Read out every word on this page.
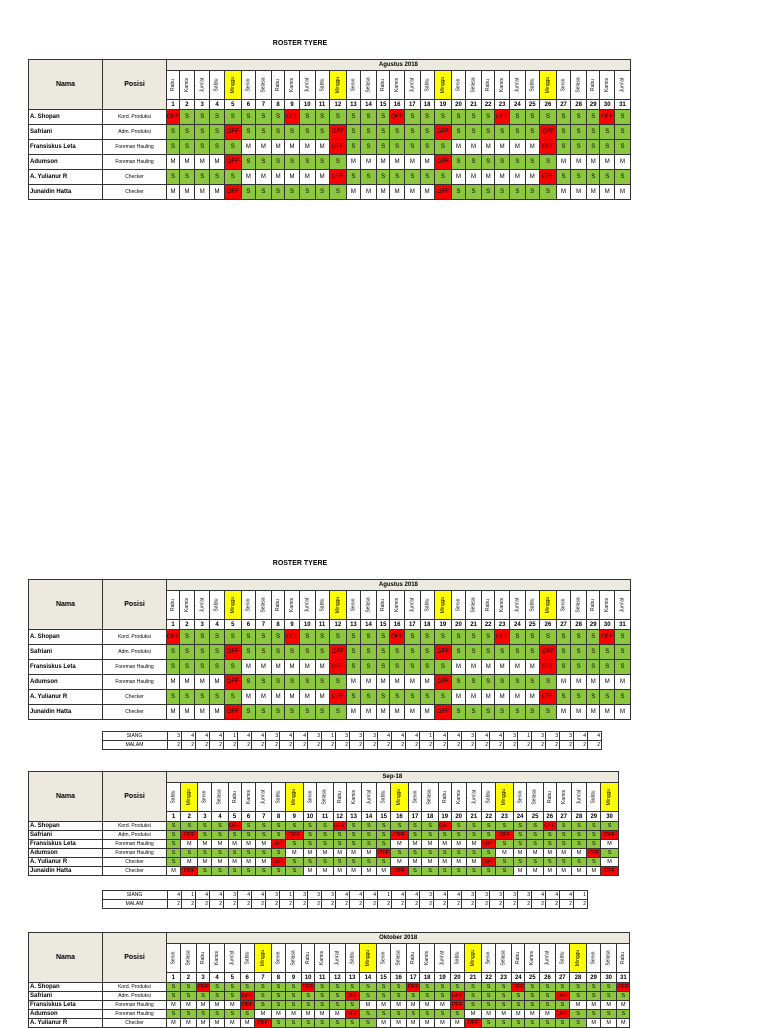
ROSTER TYERE
Nama	Posisi	Agustus 2018																														
		Rabu	Kamis	Jum'at	Sabtu	Minggu	Senin	Selasa	Rabu	Kamis	Jum'at	Sabtu	Minggu	Senin	Selasa	Rabu	Kamis	Jum'at	Sabtu	Minggu	Senin	Selasa	Rabu	Kamis	Jum'at	Sabtu	Minggu	Senin	Selasa	Rabu	Kamis	Jum'at
		1	2	3	4	5	6	7	8	9	10	11	12	13	14	15	16	17	18	19	20	21	22	23	24	25	26	27	28	29	30	31
A. Shopan	Kord. Produksi	OFF	S	S	S	S	S	S	S	OFF	S	S	S	S	S	S	OFF	S	S	S	S	S	S	OFF	S	S	S	S	S	S	OFF	S
Safriani	Adm. Produksi	S	S	S	S	OFF	S	S	S	S	S	S	OFF	S	S	S	S	S	S	OFF	S	S	S	S	S	S	OFF	S	S	S	S	S
Fransiskus Leta	Foreman Hauling	S	S	S	S	S	M	M	M	M	M	M	OFF	S	S	S	S	S	S	S	M	M	M	M	M	M	OFF	S	S	S	S	S
Adumson	Foreman Hauling	M	M	M	M	OFF	S	S	S	S	S	S	S	M	M	M	M	M	M	OFF	S	S	S	S	S	S	S	M	M	M	M	M
A. Yulianur R	Checker	S	S	S	S	S	M	M	M	M	M	M	OFF	S	S	S	S	S	S	S	M	M	M	M	M	M	OFF	S	S	S	S	S
Junaidin Hatta	Checker	M	M	M	M	OFF	S	S	S	S	S	S	S	M	M	M	M	M	M	OFF	S	S	S	S	S	S	S	M	M	M	M	M
ROSTER TYERE
Nama	Posisi	Agustus 2018																														
		Rabu	Kamis	Jum'at	Sabtu	Minggu	Senin	Selasa	Rabu	Kamis	Jum'at	Sabtu	Minggu	Senin	Selasa	Rabu	Kamis	Jum'at	Sabtu	Minggu	Senin	Selasa	Rabu	Kamis	Jum'at	Sabtu	Minggu	Senin	Selasa	Rabu	Kamis	Jum'at
		1	2	3	4	5	6	7	8	9	10	11	12	13	14	15	16	17	18	19	20	21	22	23	24	25	26	27	28	29	30	31
A. Shopan	Kord. Produksi	OFF	S	S	S	S	S	S	S	OFF	S	S	S	S	S	S	OFF	S	S	S	S	S	S	OFF	S	S	S	S	S	S	OFF	S
Safriani	Adm. Produksi	S	S	S	S	OFF	S	S	S	S	S	S	OFF	S	S	S	S	S	S	OFF	S	S	S	S	S	S	OFF	S	S	S	S	S
Fransiskus Leta	Foreman Hauling	S	S	S	S	S	M	M	M	M	M	M	OFF	S	S	S	S	S	S	S	M	M	M	M	M	M	OFF	S	S	S	S	S
Adumson	Foreman Hauling	M	M	M	M	OFF	S	S	S	S	S	S	S	M	M	M	M	M	M	OFF	S	S	S	S	S	S	S	M	M	M	M	M
A. Yulianur R	Checker	S	S	S	S	S	M	M	M	M	M	M	OFF	S	S	S	S	S	S	S	M	M	M	M	M	M	OFF	S	S	S	S	S
Junaidin Hatta	Checker	M	M	M	M	OFF	S	S	S	S	S	S	S	M	M	M	M	M	M	OFF	S	S	S	S	S	S	S	M	M	M	M	M
SIANG	3	4	4	4	1	4	4	3	4	4	3	1	3	3	3	4	4	4	1	4	4	3	4	4	3	1	3	3	3	4	4
MALAM	2	2	2	2	2	2	2	2	2	2	2	2	2	2	2	2	2	2	2	2	2	2	2	2	2	2	2	2	2	2	2
Nama	Posisi	Sep-18																													
		Sabtu	Minggu	Senin	Selasa	Rabu	Kamis	Jum'at	Sabtu	Minggu	Senin	Selasa	Rabu	Kamis	Jum'at	Sabtu	Minggu	Senin	Selasa	Rabu	Kamis	Jum'at	Sabtu	Minggu	Senin	Selasa	Rabu	Kamis	Jum'at	Sabtu	Minggu
		1	2	3	4	5	6	7	8	9	10	11	12	13	14	15	16	17	18	19	20	21	22	23	24	25	26	27	28	29	30
A. Shopan	Kord. Produksi	S	S	S	S	OFF	S	S	S	S	S	S	OFF	S	S	S	S	S	S	OFF	S	S	S	S	S	S	OFF	S	S	S	S
Safriani	Adm. Produksi	S	OFF	S	S	S	S	S	S	OFF	S	S	S	S	S	S	OFF	S	S	S	S	S	S	OFF	S	S	S	S	S	S	OFF
Fransiskus Leta	Foreman Hauling	S	M	M	M	M	M	M	OFF	S	S	S	S	S	S	S	M	M	M	M	M	M	OFF	S	S	S	S	S	S	S	M
Adumson	Foreman Hauling	S	S	S	S	S	S	S	S	M	M	M	M	M	M	OFF	S	S	S	S	S	S	S	M	M	M	M	M	M	OFF	S
A. Yulianur R	Checker	S	M	M	M	M	M	M	OFF	S	S	S	S	S	S	S	M	M	M	M	M	M	OFF	S	S	S	S	S	S	S	M
Junaidin Hatta	Checker	M	OFF	S	S	S	S	S	S	S	M	M	M	M	M	M	OFF	S	S	S	S	S	S	S	M	M	M	M	M	M	OFF
SIANG	4	1	4	4	3	4	4	3	1	3	3	3	4	4	4	1	4	4	3	4	4	3	3	3	3	3	4	4	4	1
MALAM	2	2	2	2	2	2	2	2	2	2	2	2	2	2	2	2	2	2	2	2	2	2	2	2	2	2	2	2	2	2
Nama	Posisi	Oktober 2018																														
		Senin	Selasa	Rabu	Kamis	Jum'at	Sabtu	Minggu	Senin	Selasa	Rabu	Kamis	Jum'at	Sabtu	Minggu	Senin	Selasa	Rabu	Kamis	Jum'at	Sabtu	Minggu	Senin	Selasa	Rabu	Kamis	Jum'at	Sabtu	Minggu	Senin	Selasa	Rabu
		1	2	3	4	5	6	7	8	9	10	11	12	13	14	15	16	17	18	19	20	21	22	23	24	25	26	27	28	29	30	31
A. Shopan	Kord. Produksi	S	S	OFF	S	S	S	S	S	S	OFF	S	S	S	S	S	S	OFF	S	S	S	S	S	S	OFF	S	S	S	S	S	S	OFF
Safriani	Adm. Produksi	S	S	S	S	S	OFF	S	S	S	S	S	S	OFF	S	S	S	S	S	S	OFF	S	S	S	S	S	S	OFF	S	S	S	S
Fransiskus Leta	Foreman Hauling	M	M	M	M	M	OFF	S	S	S	S	S	S	S	M	M	M	M	M	M	OFF	S	S	S	S	S	S	S	M	M	M	M
Adumson	Foreman Hauling	S	S	S	S	S	S	M	M	M	M	M	M	OFF	S	S	S	S	S	S	S	M	M	M	M	M	M	OFF	S	S	S	S
A. Yulianur R	Checker	M	M	M	M	M	M	OFF	S	S	S	S	S	S	S	M	M	M	M	M	M	OFF	S	S	S	S	S	S	S	M	M	M
